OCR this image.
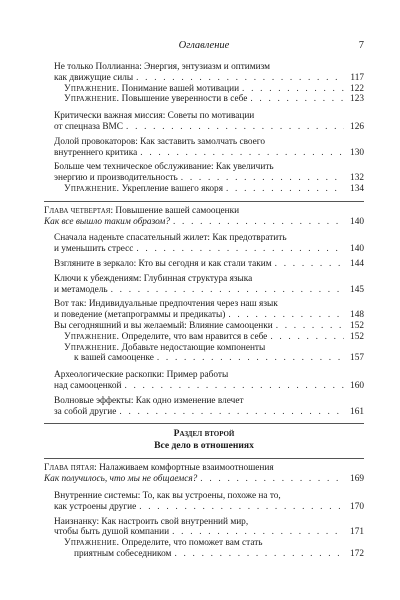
Оглавление	7
Не только Поллианна: Энергия, энтузиазм и оптимизм
как движущие силы . . .	117
Упражнение. Понимание вашей мотивации . . .	122
Упражнение. Повышение уверенности в себе . . .	123
Критически важная миссия: Советы по мотивации
от спецназа ВМС . . .	126
Долой провокаторов: Как заставить замолчать своего
внутреннего критика . . .	130
Больше чем техническое обслуживание: Как увеличить
энергию и производительность . . .	132
Упражнение. Укрепление вашего якоря . . .	134
Глава четвертая: Повышение вашей самооценки
Как все вышло таким образом? . . .	140
Сначала наденьте спасательный жилет: Как предотвратить
и уменьшить стресс . . .	140
Взгляните в зеркало: Кто вы сегодня и как стали таким . . .	144
Ключи к убеждениям: Глубинная структура языка
и метамодель . . .	145
Вот так: Индивидуальные предпочтения через наш язык
и поведение (метапрограммы и предикаты) . . .	148
Вы сегодняшний и вы желаемый: Влияние самооценки . . .	152
Упражнение. Определите, что вам нравится в себе . . .	152
Упражнение. Добавьте недостающие компоненты
к вашей самооценке . . .	157
Археологические раскопки: Пример работы
над самооценкой . . .	160
Волновые эффекты: Как одно изменение влечет
за собой другие . . .	161
Раздел второй
Все дело в отношениях
Глава пятая: Налаживаем комфортные взаимоотношения
Как получилось, что мы не общаемся? . . .	169
Внутренние системы: То, как вы устроены, похоже на то,
как устроены другие . . .	170
Наизнанку: Как настроить свой внутренний мир,
чтобы быть душой компании . . .	171
Упражнение. Определите, что поможет вам стать
приятным собеседником . . .	172
